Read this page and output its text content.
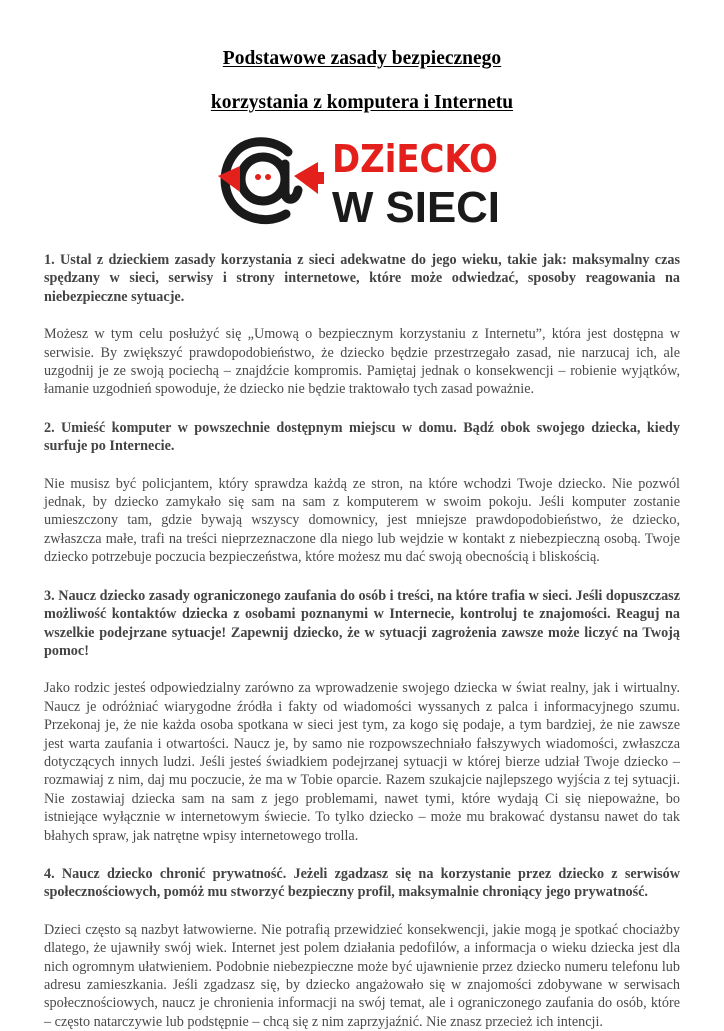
Podstawowe zasady bezpiecznego
korzystania z komputera i Internetu
DZiECKO
W SIECI

1. Ustal z dzieckiem zasady korzystania z sieci adekwatne do jego wieku, takie jak: maksymalny czas spędzany w sieci, serwisy i strony internetowe, które może odwiedzać, sposoby reagowania na niebezpieczne sytuacje.

Możesz w tym celu posłużyć się „Umową o bezpiecznym korzystaniu z Internetu”, która jest dostępna w serwisie. By zwiększyć prawdopodobieństwo, że dziecko będzie przestrzegało zasad, nie narzucaj ich, ale uzgodnij je ze swoją pociechą – znajdźcie kompromis. Pamiętaj jednak o konsekwencji – robienie wyjątków, łamanie uzgodnień spowoduje, że dziecko nie będzie traktowało tych zasad poważnie.

2. Umieść komputer w powszechnie dostępnym miejscu w domu. Bądź obok swojego dziecka, kiedy surfuje po Internecie.

Nie musisz być policjantem, który sprawdza każdą ze stron, na które wchodzi Twoje dziecko. Nie pozwól jednak, by dziecko zamykało się sam na sam z komputerem w swoim pokoju. Jeśli komputer zostanie umieszczony tam, gdzie bywają wszyscy domownicy, jest mniejsze prawdopodobieństwo, że dziecko, zwłaszcza małe, trafi na treści nieprzeznaczone dla niego lub wejdzie w kontakt z niebezpieczną osobą. Twoje dziecko potrzebuje poczucia bezpieczeństwa, które możesz mu dać swoją obecnością i bliskością.

3. Naucz dziecko zasady ograniczonego zaufania do osób i treści, na które trafia w sieci. Jeśli dopuszczasz możliwość kontaktów dziecka z osobami poznanymi w Internecie, kontroluj te znajomości. Reaguj na wszelkie podejrzane sytuacje! Zapewnij dziecko, że w sytuacji zagrożenia zawsze może liczyć na Twoją pomoc!

Jako rodzic jesteś odpowiedzialny zarówno za wprowadzenie swojego dziecka w świat realny, jak i wirtualny. Naucz je odróżniać wiarygodne źródła i fakty od wiadomości wyssanych z palca i informacyjnego szumu. Przekonaj je, że nie każda osoba spotkana w sieci jest tym, za kogo się podaje, a tym bardziej, że nie zawsze jest warta zaufania i otwartości. Naucz je, by samo nie rozpowszechniało fałszywych wiadomości, zwłaszcza dotyczących innych ludzi. Jeśli jesteś świadkiem podejrzanej sytuacji w której bierze udział Twoje dziecko – rozmawiaj z nim, daj mu poczucie, że ma w Tobie oparcie. Razem szukajcie najlepszego wyjścia z tej sytuacji. Nie zostawiaj dziecka sam na sam z jego problemami, nawet tymi, które wydają Ci się niepoważne, bo istniejące wyłącznie w internetowym świecie. To tylko dziecko – może mu brakować dystansu nawet do tak błahych spraw, jak natrętne wpisy internetowego trolla.

4. Naucz dziecko chronić prywatność. Jeżeli zgadzasz się na korzystanie przez dziecko z serwisów społecznościowych, pomóż mu stworzyć bezpieczny profil, maksymalnie chroniący jego prywatność.

Dzieci często są nazbyt łatwowierne. Nie potrafią przewidzieć konsekwencji, jakie mogą je spotkać chociażby dlatego, że ujawniły swój wiek. Internet jest polem działania pedofilów, a informacja o wieku dziecka jest dla nich ogromnym ułatwieniem. Podobnie niebezpieczne może być ujawnienie przez dziecko numeru telefonu lub adresu zamieszkania. Jeśli zgadzasz się, by dziecko angażowało się w znajomości zdobywane w serwisach społecznościowych, naucz je chronienia informacji na swój temat, ale i ograniczonego zaufania do osób, które – często natarczywie lub podstępnie – chcą się z nim zaprzyjaźnić. Nie znasz przecież ich intencji.
